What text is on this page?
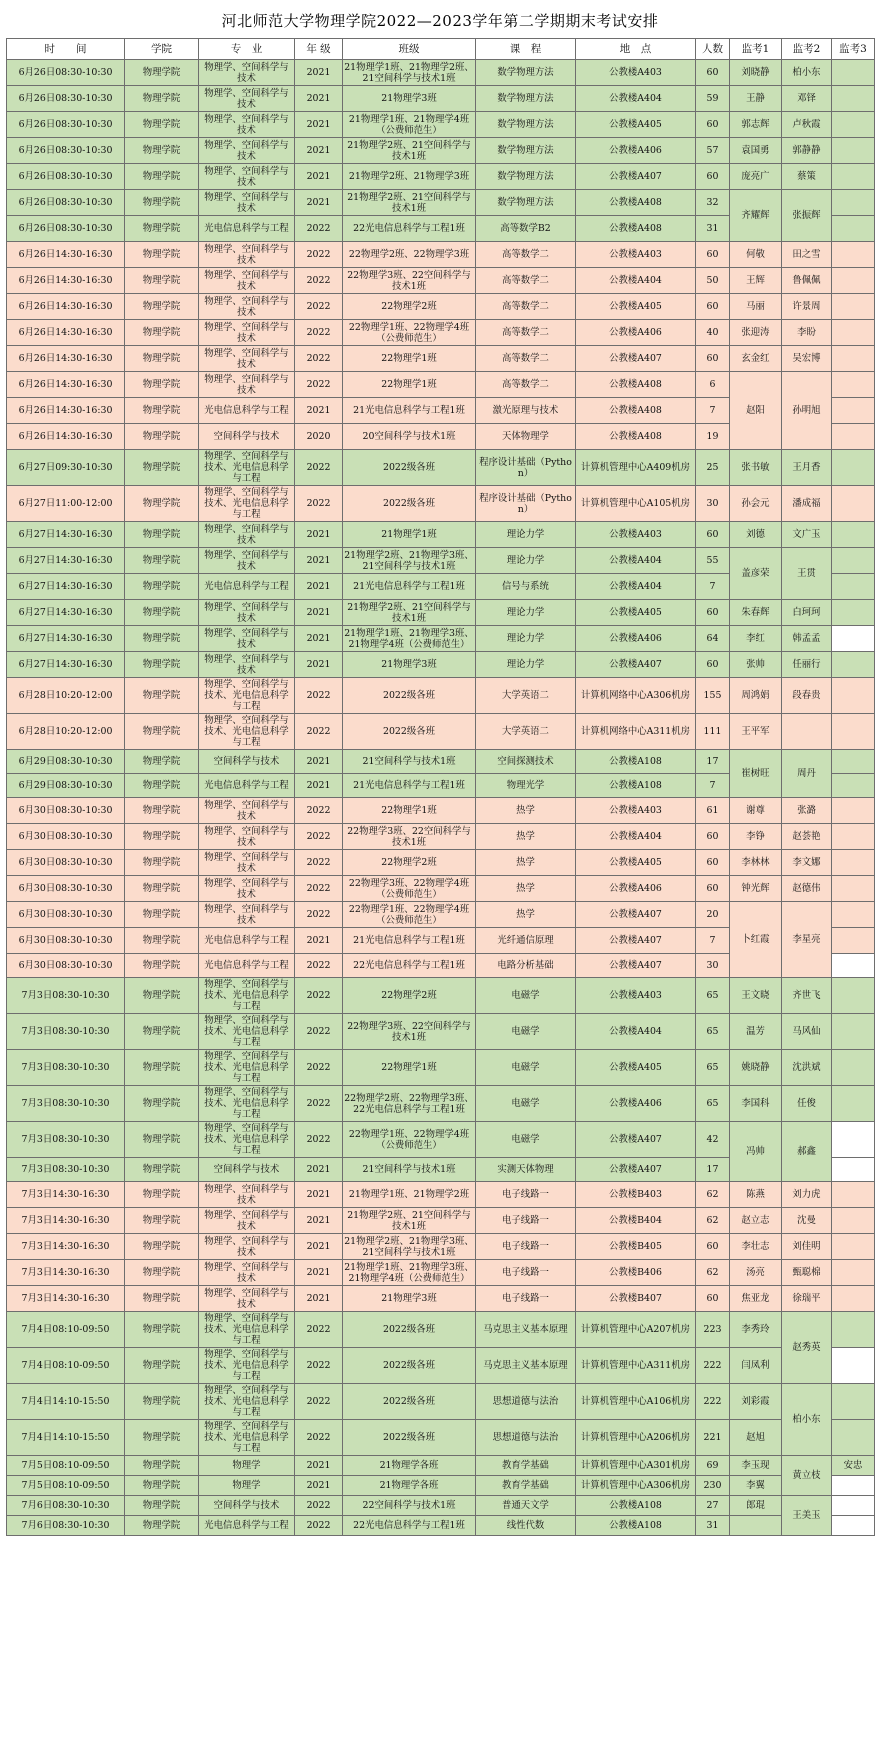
河北师范大学物理学院2022—2023学年第二学期期末考试安排
时　　间	学院	专　业	年 级	班级	课　程	地　点	人数	监考1	监考2	监考3
6月26日08:30-10:30	物理学院	物理学、空间科学与技术	2021	21物理学1班、21物理学2班、21空间科学与技术1班	数学物理方法	公教楼A403	60	刘晓静	柏小东	
6月26日08:30-10:30	物理学院	物理学、空间科学与技术	2021	21物理学3班	数学物理方法	公教楼A404	59	王静	邓铎	
6月26日08:30-10:30	物理学院	物理学、空间科学与技术	2021	21物理学1班、21物理学4班（公费师范生）	数学物理方法	公教楼A405	60	郭志辉	卢秋霞	
6月26日08:30-10:30	物理学院	物理学、空间科学与技术	2021	21物理学2班、21空间科学与技术1班	数学物理方法	公教楼A406	57	袁国勇	郭静静	
6月26日08:30-10:30	物理学院	物理学、空间科学与技术	2021	21物理学2班、21物理学3班	数学物理方法	公教楼A407	60	庞亮广	蔡策	
6月26日08:30-10:30	物理学院	物理学、空间科学与技术	2021	21物理学2班、21空间科学与技术1班	数学物理方法	公教楼A408	32	齐耀辉	张振辉	
6月26日08:30-10:30	物理学院	光电信息科学与工程	2022	22光电信息科学与工程1班	高等数学B2	公教楼A408	31			
6月26日14:30-16:30	物理学院	物理学、空间科学与技术	2022	22物理学2班、22物理学3班	高等数学二	公教楼A403	60	何敬	田之雪	
6月26日14:30-16:30	物理学院	物理学、空间科学与技术	2022	22物理学3班、22空间科学与技术1班	高等数学二	公教楼A404	50	王辉	鲁佩佩	
6月26日14:30-16:30	物理学院	物理学、空间科学与技术	2022	22物理学2班	高等数学二	公教楼A405	60	马丽	许景周	
6月26日14:30-16:30	物理学院	物理学、空间科学与技术	2022	22物理学1班、22物理学4班（公费师范生）	高等数学二	公教楼A406	40	张迎涛	李盼	
6月26日14:30-16:30	物理学院	物理学、空间科学与技术	2022	22物理学1班	高等数学二	公教楼A407	60	玄金红	吴宏博	
6月26日14:30-16:30	物理学院	物理学、空间科学与技术	2022	22物理学1班	高等数学二	公教楼A408	6	赵阳	孙明旭	
6月26日14:30-16:30	物理学院	光电信息科学与工程	2021	21光电信息科学与工程1班	激光原理与技术	公教楼A408	7			
6月26日14:30-16:30	物理学院	空间科学与技术	2020	20空间科学与技术1班	天体物理学	公教楼A408	19			
6月27日09:30-10:30	物理学院	物理学、空间科学与技术、光电信息科学与工程	2022	2022级各班	程序设计基础（Python）	计算机管理中心A409机房	25	张书敏	王月香	
6月27日11:00-12:00	物理学院	物理学、空间科学与技术、光电信息科学与工程	2022	2022级各班	程序设计基础（Python）	计算机管理中心A105机房	30	孙会元	潘成福	
6月27日14:30-16:30	物理学院	物理学、空间科学与技术	2021	21物理学1班	理论力学	公教楼A403	60	刘德	文广玉	
6月27日14:30-16:30	物理学院	物理学、空间科学与技术	2021	21物理学2班、21物理学3班、21空间科学与技术1班	理论力学	公教楼A404	55	盖彦荣	王贯	
6月27日14:30-16:30	物理学院	光电信息科学与工程	2021	21光电信息科学与工程1班	信号与系统	公教楼A404	7			
6月27日14:30-16:30	物理学院	物理学、空间科学与技术	2021	21物理学2班、21空间科学与技术1班	理论力学	公教楼A405	60	朱春辉	白珂珂	
6月27日14:30-16:30	物理学院	物理学、空间科学与技术	2021	21物理学1班、21物理学3班、21物理学4班（公费师范生）	理论力学	公教楼A406	64	李红	韩孟孟	
6月27日14:30-16:30	物理学院	物理学、空间科学与技术	2021	21物理学3班	理论力学	公教楼A407	60	张帅	任丽行	
6月28日10:20-12:00	物理学院	物理学、空间科学与技术、光电信息科学与工程	2022	2022级各班	大学英语二	计算机网络中心A306机房	155	周鸿娟	段春贵	
6月28日10:20-12:00	物理学院	物理学、空间科学与技术、光电信息科学与工程	2022	2022级各班	大学英语二	计算机网络中心A311机房	111	王平军		
6月29日08:30-10:30	物理学院	空间科学与技术	2021	21空间科学与技术1班	空间探测技术	公教楼A108	17	崔树旺	周丹	
6月29日08:30-10:30	物理学院	光电信息科学与工程	2021	21光电信息科学与工程1班	物理光学	公教楼A108	7			
6月30日08:30-10:30	物理学院	物理学、空间科学与技术	2022	22物理学1班	热学	公教楼A403	61	谢尊	张潞	
6月30日08:30-10:30	物理学院	物理学、空间科学与技术	2022	22物理学3班、22空间科学与技术1班	热学	公教楼A404	60	李铮	赵荟艳	
6月30日08:30-10:30	物理学院	物理学、空间科学与技术	2022	22物理学2班	热学	公教楼A405	60	李林林	李文娜	
6月30日08:30-10:30	物理学院	物理学、空间科学与技术	2022	22物理学3班、22物理学4班（公费师范生）	热学	公教楼A406	60	钟光辉	赵德伟	
6月30日08:30-10:30	物理学院	物理学、空间科学与技术	2022	22物理学1班、22物理学4班（公费师范生）	热学	公教楼A407	20	卜红霞	李星亮	
6月30日08:30-10:30	物理学院	光电信息科学与工程	2021	21光电信息科学与工程1班	光纤通信原理	公教楼A407	7			
6月30日08:30-10:30	物理学院	光电信息科学与工程	2022	22光电信息科学与工程1班	电路分析基础	公教楼A407	30			
7月3日08:30-10:30	物理学院	物理学、空间科学与技术、光电信息科学与工程	2022	22物理学2班	电磁学	公教楼A403	65	王文晓	齐世飞	
7月3日08:30-10:30	物理学院	物理学、空间科学与技术、光电信息科学与工程	2022	22物理学3班、22空间科学与技术1班	电磁学	公教楼A404	65	温芳	马风仙	
7月3日08:30-10:30	物理学院	物理学、空间科学与技术、光电信息科学与工程	2022	22物理学1班	电磁学	公教楼A405	65	姚晓静	沈洪斌	
7月3日08:30-10:30	物理学院	物理学、空间科学与技术、光电信息科学与工程	2022	22物理学2班、22物理学3班、22光电信息科学与工程1班	电磁学	公教楼A406	65	李国科	任俊	
7月3日08:30-10:30	物理学院	物理学、空间科学与技术、光电信息科学与工程	2022	22物理学1班、22物理学4班（公费师范生）	电磁学	公教楼A407	42	冯帅	郝鑫	
7月3日08:30-10:30	物理学院	空间科学与技术	2021	21空间科学与技术1班	实测天体物理	公教楼A407	17			
7月3日14:30-16:30	物理学院	物理学、空间科学与技术	2021	21物理学1班、21物理学2班	电子线路一	公教楼B403	62	陈燕	刘力虎	
7月3日14:30-16:30	物理学院	物理学、空间科学与技术	2021	21物理学2班、21空间科学与技术1班	电子线路一	公教楼B404	62	赵立志	沈曼	
7月3日14:30-16:30	物理学院	物理学、空间科学与技术	2021	21物理学2班、21物理学3班、21空间科学与技术1班	电子线路一	公教楼B405	60	李壮志	刘佳明	
7月3日14:30-16:30	物理学院	物理学、空间科学与技术	2021	21物理学1班、21物理学3班、21物理学4班（公费师范生）	电子线路一	公教楼B406	62	汤亮	甄聪棉	
7月3日14:30-16:30	物理学院	物理学、空间科学与技术	2021	21物理学3班	电子线路一	公教楼B407	60	焦亚龙	徐瑞平	
7月4日08:10-09:50	物理学院	物理学、空间科学与技术、光电信息科学与工程	2022	2022级各班	马克思主义基本原理	计算机管理中心A207机房	223	李秀玲	赵秀英	
7月4日08:10-09:50	物理学院	物理学、空间科学与技术、光电信息科学与工程	2022	2022级各班	马克思主义基本原理	计算机管理中心A311机房	222	闫凤利		
7月4日14:10-15:50	物理学院	物理学、空间科学与技术、光电信息科学与工程	2022	2022级各班	思想道德与法治	计算机管理中心A106机房	222	刘彩霞	柏小东	
7月4日14:10-15:50	物理学院	物理学、空间科学与技术、光电信息科学与工程	2022	2022级各班	思想道德与法治	计算机管理中心A206机房	221	赵旭		
7月5日08:10-09:50	物理学院	物理学	2021	21物理学各班	教育学基础	计算机管理中心A301机房	69	李玉现	黄立枝	安忠
7月5日08:10-09:50	物理学院	物理学	2021	21物理学各班	教育学基础	计算机管理中心A306机房	230	李翼		
7月6日08:30-10:30	物理学院	空间科学与技术	2022	22空间科学与技术1班	普通天文学	公教楼A108	27	郎琨	王美玉	
7月6日08:30-10:30	物理学院	光电信息科学与工程	2022	22光电信息科学与工程1班	线性代数	公教楼A108	31			
